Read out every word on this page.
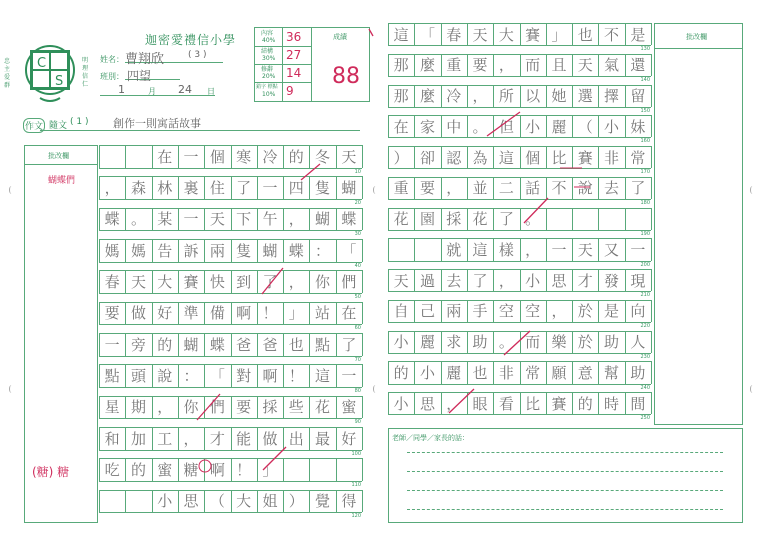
C
S
忠主爱群
明理信仁
迦密愛禮信小學
姓名： 曹翔欣	( 3 )
班別： 四望
1	月 24 日
內容
40% 36
結構
30% 27
修辭
20% 14
錯字 標點
10% 9
成績
88
作文 隨文 ( 1 ) 創作一則寓話故事
批改欄
蝴蝶們
(糖) 糖
在 一 個 寒 冷 的 冬 天
10
， 森 林 裏 住 了 一 四 隻 蝴
20
蝶 。 某 一 天 下 午 ， 蝴 蝶
30
媽 媽 告 訴 兩 隻 蝴 蝶 ： 「
40
春 天 大 賽 快 到 了 ， 你 們
50
要 做 好 準 備 啊 ！ 」 站 在
60
一 旁 的 蝴 蝶 爸 爸 也 點 了
70
點 頭 說 ： 「 對 啊 ！ 這 一
80
星 期 ， 你 們 要 採 些 花 蜜
90
和 加 工 ， 才 能 做 出 最 好
100
吃 的 蜜 糖 啊 ！ 」
110
小 思 （ 大 姐 ） 覺 得
120
這 「 春 天 大 賽 」 也 不 是
130
那 麼 重 要 ， 而 且 天 氣 還
140
那 麼 冷 ， 所 以 她 選 擇 留
150
在 家 中 。 但 小 麗 （ 小 妹
160
） 卻 認 為 這 個 比 賽 非 常
170
重 要 ， 並 二 話 不 說 去 了
180
花 園 採 花 了 。
190
就 這 樣 ， 一 天 又 一
200
天 過 去 了 ， 小 思 才 發 現
210
自 己 兩 手 空 空 ， 於 是 向
220
小 麗 求 助 。 而 樂 於 助 人
230
的 小 麗 也 非 常 願 意 幫 助
240
小 思 ， 眼 看 比 賽 的 時 間
250
批改欄
老師／同學／家長的話：
